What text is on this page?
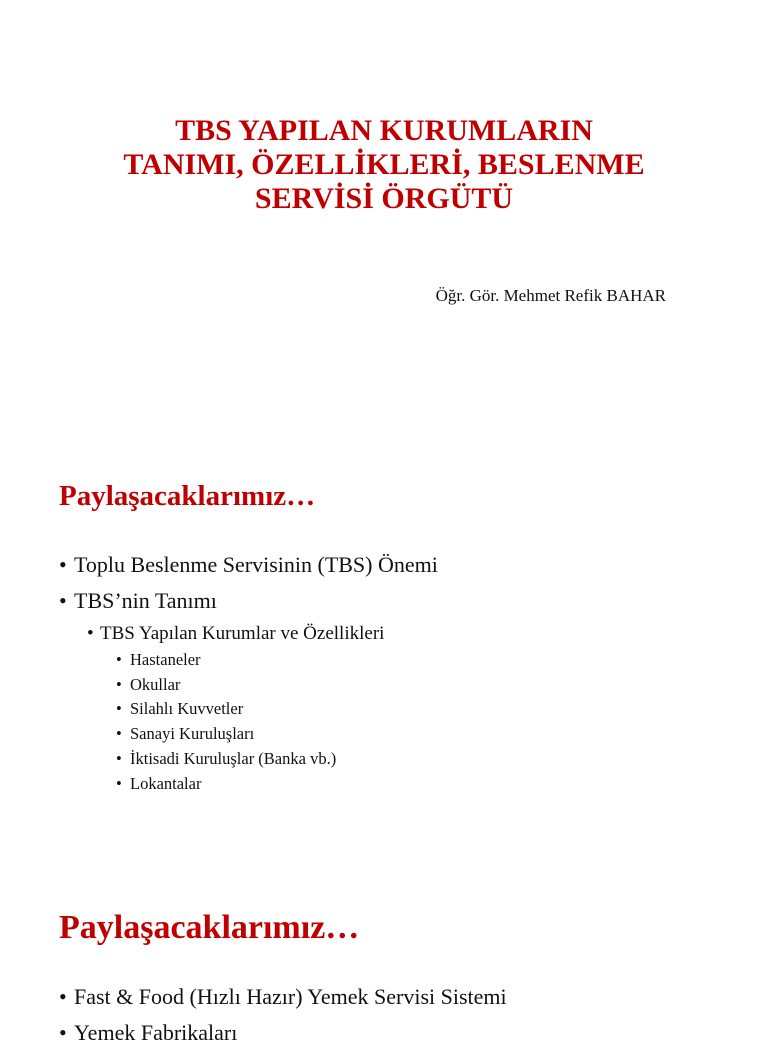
TBS YAPILAN KURUMLARIN
TANIMI, ÖZELLİKLERİ, BESLENME
SERVİSİ ÖRGÜTÜ
Öğr. Gör. Mehmet Refik BAHAR
Paylaşacaklarımız…
• Toplu Beslenme Servisinin (TBS) Önemi
• TBS’nin Tanımı
• TBS Yapılan Kurumlar ve Özellikleri
• Hastaneler
• Okullar
• Silahlı Kuvvetler
• Sanayi Kuruluşları
• İktisadi Kuruluşlar (Banka vb.)
• Lokantalar
Paylaşacaklarımız…
• Fast & Food (Hızlı Hazır) Yemek Servisi Sistemi
• Yemek Fabrikaları
